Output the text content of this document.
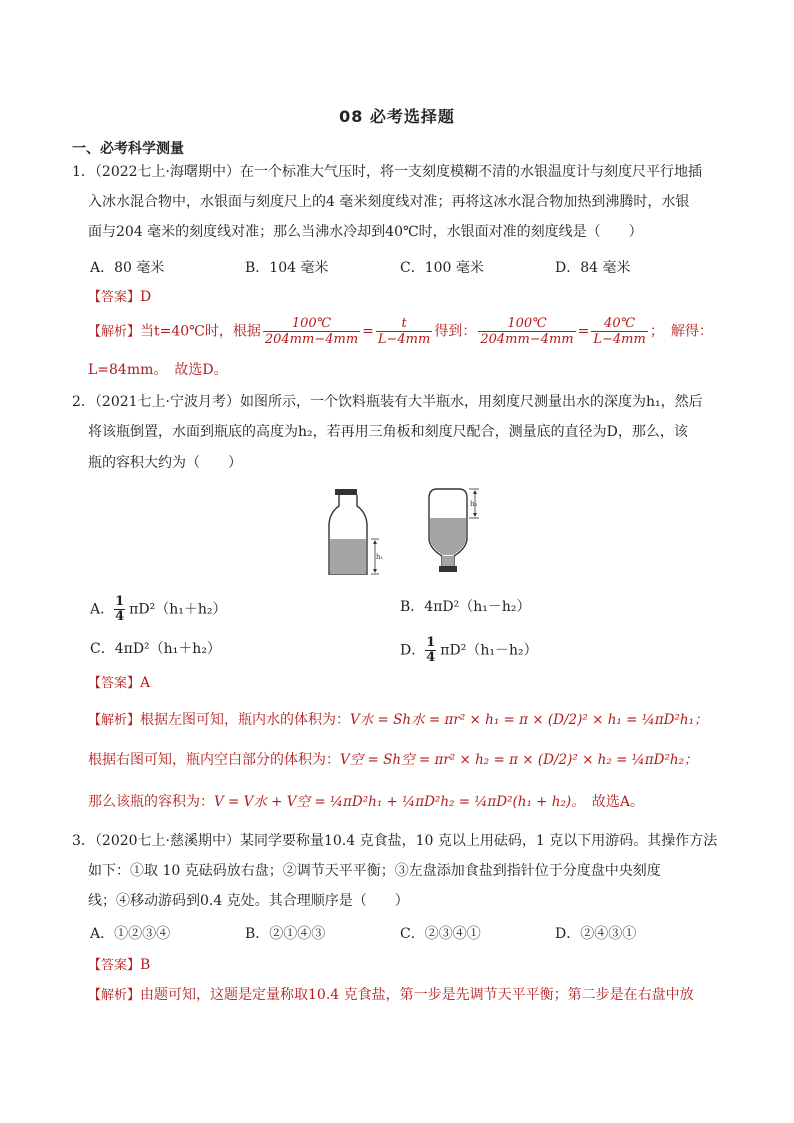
08 必考选择题
一、必考科学测量
1．（2022七上·海曙期中）在一个标准大气压时，将一支刻度模糊不清的水银温度计与刻度尺平行地插
入冰水混合物中，水银面与刻度尺上的4 毫米刻度线对准；再将这冰水混合物加热到沸腾时，水银
面与204 毫米的刻度线对准；那么当沸水冷却到40℃时，水银面对准的刻度线是（　　）
A．80 毫米	B．104 毫米	C．100 毫米	D．84 毫米
【答案】D
【解析】当t=40℃时，根据 $\frac{100℃}{204mm-4mm} = \frac{t}{L-4mm}$ 得到： $\frac{100℃}{204mm-4mm} = \frac{40℃}{L-4mm}$ ；　解得：
L=84mm。　故选D。
2．（2021七上·宁波月考）如图所示，一个饮料瓶装有大半瓶水，用刻度尺测量出水的深度为h₁，然后
将该瓶倒置，水面到瓶底的高度为h₂，若再用三角板和刻度尺配合，测量底的直径为D，那么，该
瓶的容积大约为（　　）
h₁
h₂
A． $\frac{1}{4} \pi D^2(h_1+h_2)$	B．4πD²（h₁－h₂）
C．4πD²（h₁＋h₂）	D． $\frac{1}{4} \pi D^2(h_1-h_2)$
【答案】A
【解析】根据左图可知，瓶内水的体积为：V水 = Sh水 = πr² × h₁ = π × (D/2)² × h₁ = ¼πD²h₁；
根据右图可知，瓶内空白部分的体积为：V空 = Sh空 = πr² × h₂ = π × (D/2)² × h₂ = ¼πD²h₂；
那么该瓶的容积为：V = V水 + V空 = ¼πD²h₁ + ¼πD²h₂ = ¼πD²(h₁ + h₂)。　故选A。
3．（2020七上·慈溪期中）某同学要称量10.4 克食盐，10 克以上用砝码，1 克以下用游码。其操作方法
如下：①取 10 克砝码放右盘；②调节天平平衡；③左盘添加食盐到指针位于分度盘中央刻度
线；④移动游码到0.4 克处。其合理顺序是（　　）
A．①②③④	B．②①④③	C．②③④①	D．②④③①
【答案】B
【解析】由题可知，这题是定量称取10.4 克食盐，第一步是先调节天平平衡；第二步是在右盘中放
